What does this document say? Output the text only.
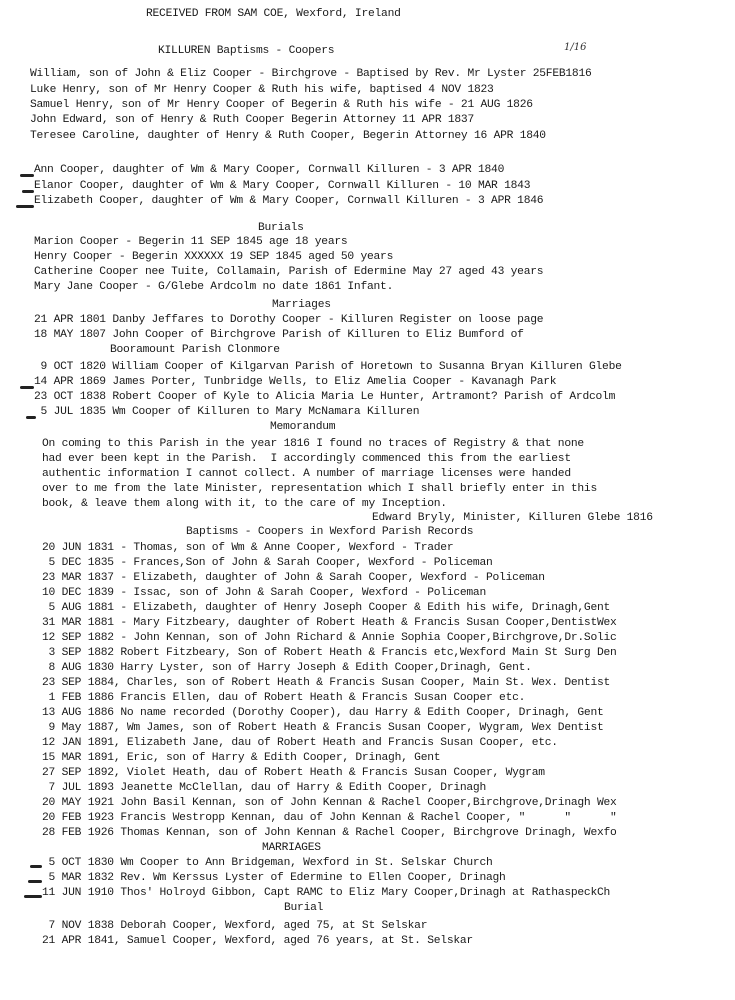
RECEIVED FROM SAM COE, Wexford, Ireland
KILLUREN Baptisms - Coopers	1/16
William, son of John & Eliz Cooper - Birchgrove - Baptised by Rev. Mr Lyster 25FEB1816
Luke Henry, son of Mr Henry Cooper & Ruth his wife, baptised 4 NOV 1823
Samuel Henry, son of Mr Henry Cooper of Begerin & Ruth his wife - 21 AUG 1826
John Edward, son of Henry & Ruth Cooper Begerin Attorney 11 APR 1837
Teresee Caroline, daughter of Henry & Ruth Cooper, Begerin Attorney 16 APR 1840
Ann Cooper, daughter of Wm & Mary Cooper, Cornwall Killuren - 3 APR 1840
Elanor Cooper, daughter of Wm & Mary Cooper, Cornwall Killuren - 10 MAR 1843
Elizabeth Cooper, daughter of Wm & Mary Cooper, Cornwall Killuren - 3 APR 1846
Burials
Marion Cooper - Begerin 11 SEP 1845 age 18 years
Henry Cooper - Begerin XXXXXX 19 SEP 1845 aged 50 years
Catherine Cooper nee Tuite, Collamain, Parish of Edermine May 27 aged 43 years
Mary Jane Cooper - G/Glebe Ardcolm no date 1861 Infant.
Marriages
21 APR 1801 Danby Jeffares to Dorothy Cooper - Killuren Register on loose page
18 MAY 1807 John Cooper of Birchgrove Parish of Killuren to Eliz Bumford of
Booramount Parish Clonmore
9 OCT 1820 William Cooper of Kilgarvan Parish of Horetown to Susanna Bryan Killuren Glebe
14 APR 1869 James Porter, Tunbridge Wells, to Eliz Amelia Cooper - Kavanagh Park
23 OCT 1838 Robert Cooper of Kyle to Alicia Maria Le Hunter, Artramont? Parish of Ardcolm
5 JUL 1835 Wm Cooper of Killuren to Mary McNamara Killuren
Memorandum
On coming to this Parish in the year 1816 I found no traces of Registry & that none
had ever been kept in the Parish.  I accordingly commenced this from the earliest
authentic information I cannot collect. A number of marriage licenses were handed
over to me from the late Minister, representation which I shall briefly enter in this
book, & leave them along with it, to the care of my Inception.
Edward Bryly, Minister, Killuren Glebe 1816
Baptisms - Coopers in Wexford Parish Records
20 JUN 1831 - Thomas, son of Wm & Anne Cooper, Wexford - Trader
5 DEC 1835 - Frances,Son of John & Sarah Cooper, Wexford - Policeman
23 MAR 1837 - Elizabeth, daughter of John & Sarah Cooper, Wexford - Policeman
10 DEC 1839 - Issac, son of John & Sarah Cooper, Wexford - Policeman
5 AUG 1881 - Elizabeth, daughter of Henry Joseph Cooper & Edith his wife, Drinagh,Gent
31 MAR 1881 - Mary Fitzbeary, daughter of Robert Heath & Francis Susan Cooper,DentistWex
12 SEP 1882 - John Kennan, son of John Richard & Annie Sophia Cooper,Birchgrove,Dr.Solic
3 SEP 1882 Robert Fitzbeary, Son of Robert Heath & Francis etc,Wexford Main St Surg Den
8 AUG 1830 Harry Lyster, son of Harry Joseph & Edith Cooper,Drinagh, Gent.
23 SEP 1884, Charles, son of Robert Heath & Francis Susan Cooper, Main St. Wex. Dentist
1 FEB 1886 Francis Ellen, dau of Robert Heath & Francis Susan Cooper etc.
13 AUG 1886 No name recorded (Dorothy Cooper), dau Harry & Edith Cooper, Drinagh, Gent
9 May 1887, Wm James, son of Robert Heath & Francis Susan Cooper, Wygram, Wex Dentist
12 JAN 1891, Elizabeth Jane, dau of Robert Heath and Francis Susan Cooper, etc.
15 MAR 1891, Eric, son of Harry & Edith Cooper, Drinagh, Gent
27 SEP 1892, Violet Heath, dau of Robert Heath & Francis Susan Cooper, Wygram
7 JUL 1893 Jeanette McClellan, dau of Harry & Edith Cooper, Drinagh
20 MAY 1921 John Basil Kennan, son of John Kennan & Rachel Cooper,Birchgrove,Drinagh Wex
20 FEB 1923 Francis Westropp Kennan, dau of John Kennan & Rachel Cooper, "      "      "
28 FEB 1926 Thomas Kennan, son of John Kennan & Rachel Cooper, Birchgrove Drinagh, Wexfo
MARRIAGES
5 OCT 1830 Wm Cooper to Ann Bridgeman, Wexford in St. Selskar Church
5 MAR 1832 Rev. Wm Kerssus Lyster of Edermine to Ellen Cooper, Drinagh
11 JUN 1910 Thos' Holroyd Gibbon, Capt RAMC to Eliz Mary Cooper,Drinagh at RathaspeckCh
Burial
7 NOV 1838 Deborah Cooper, Wexford, aged 75, at St Selskar
21 APR 1841, Samuel Cooper, Wexford, aged 76 years, at St. Selskar
